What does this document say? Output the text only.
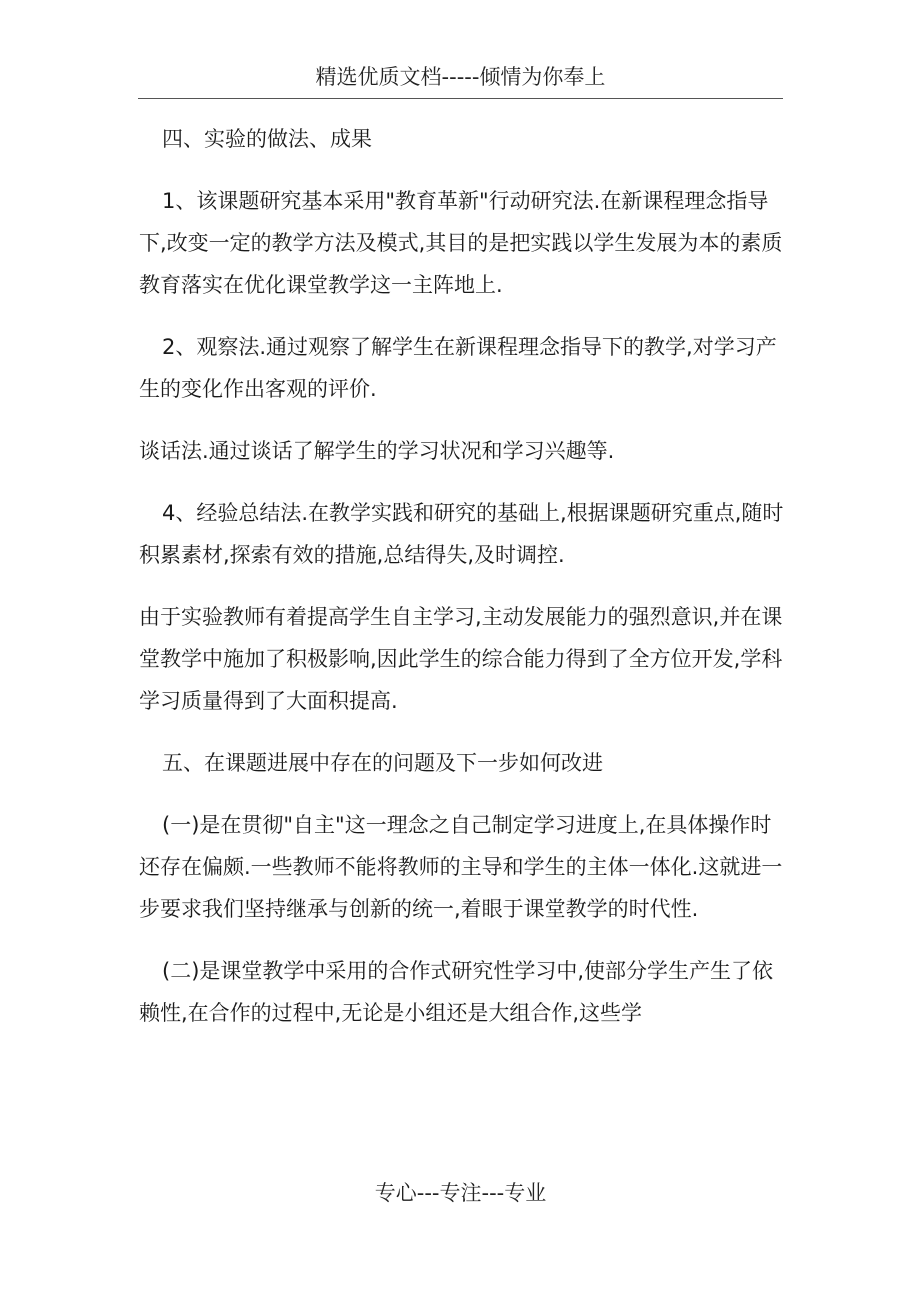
精选优质文档-----倾情为你奉上

四、实验的做法、成果

1、该课题研究基本采用"教育革新"行动研究法.在新课程理念指导下,改变一定的教学方法及模式,其目的是把实践以学生发展为本的素质教育落实在优化课堂教学这一主阵地上.

2、观察法.通过观察了解学生在新课程理念指导下的教学,对学习产生的变化作出客观的评价.

谈话法.通过谈话了解学生的学习状况和学习兴趣等.

4、经验总结法.在教学实践和研究的基础上,根据课题研究重点,随时积累素材,探索有效的措施,总结得失,及时调控.

由于实验教师有着提高学生自主学习,主动发展能力的强烈意识,并在课堂教学中施加了积极影响,因此学生的综合能力得到了全方位开发,学科学习质量得到了大面积提高.

五、在课题进展中存在的问题及下一步如何改进

(一)是在贯彻"自主"这一理念之自己制定学习进度上,在具体操作时还存在偏颇.一些教师不能将教师的主导和学生的主体一体化.这就进一步要求我们坚持继承与创新的统一,着眼于课堂教学的时代性.

(二)是课堂教学中采用的合作式研究性学习中,使部分学生产生了依赖性,在合作的过程中,无论是小组还是大组合作,这些学

专心---专注---专业
